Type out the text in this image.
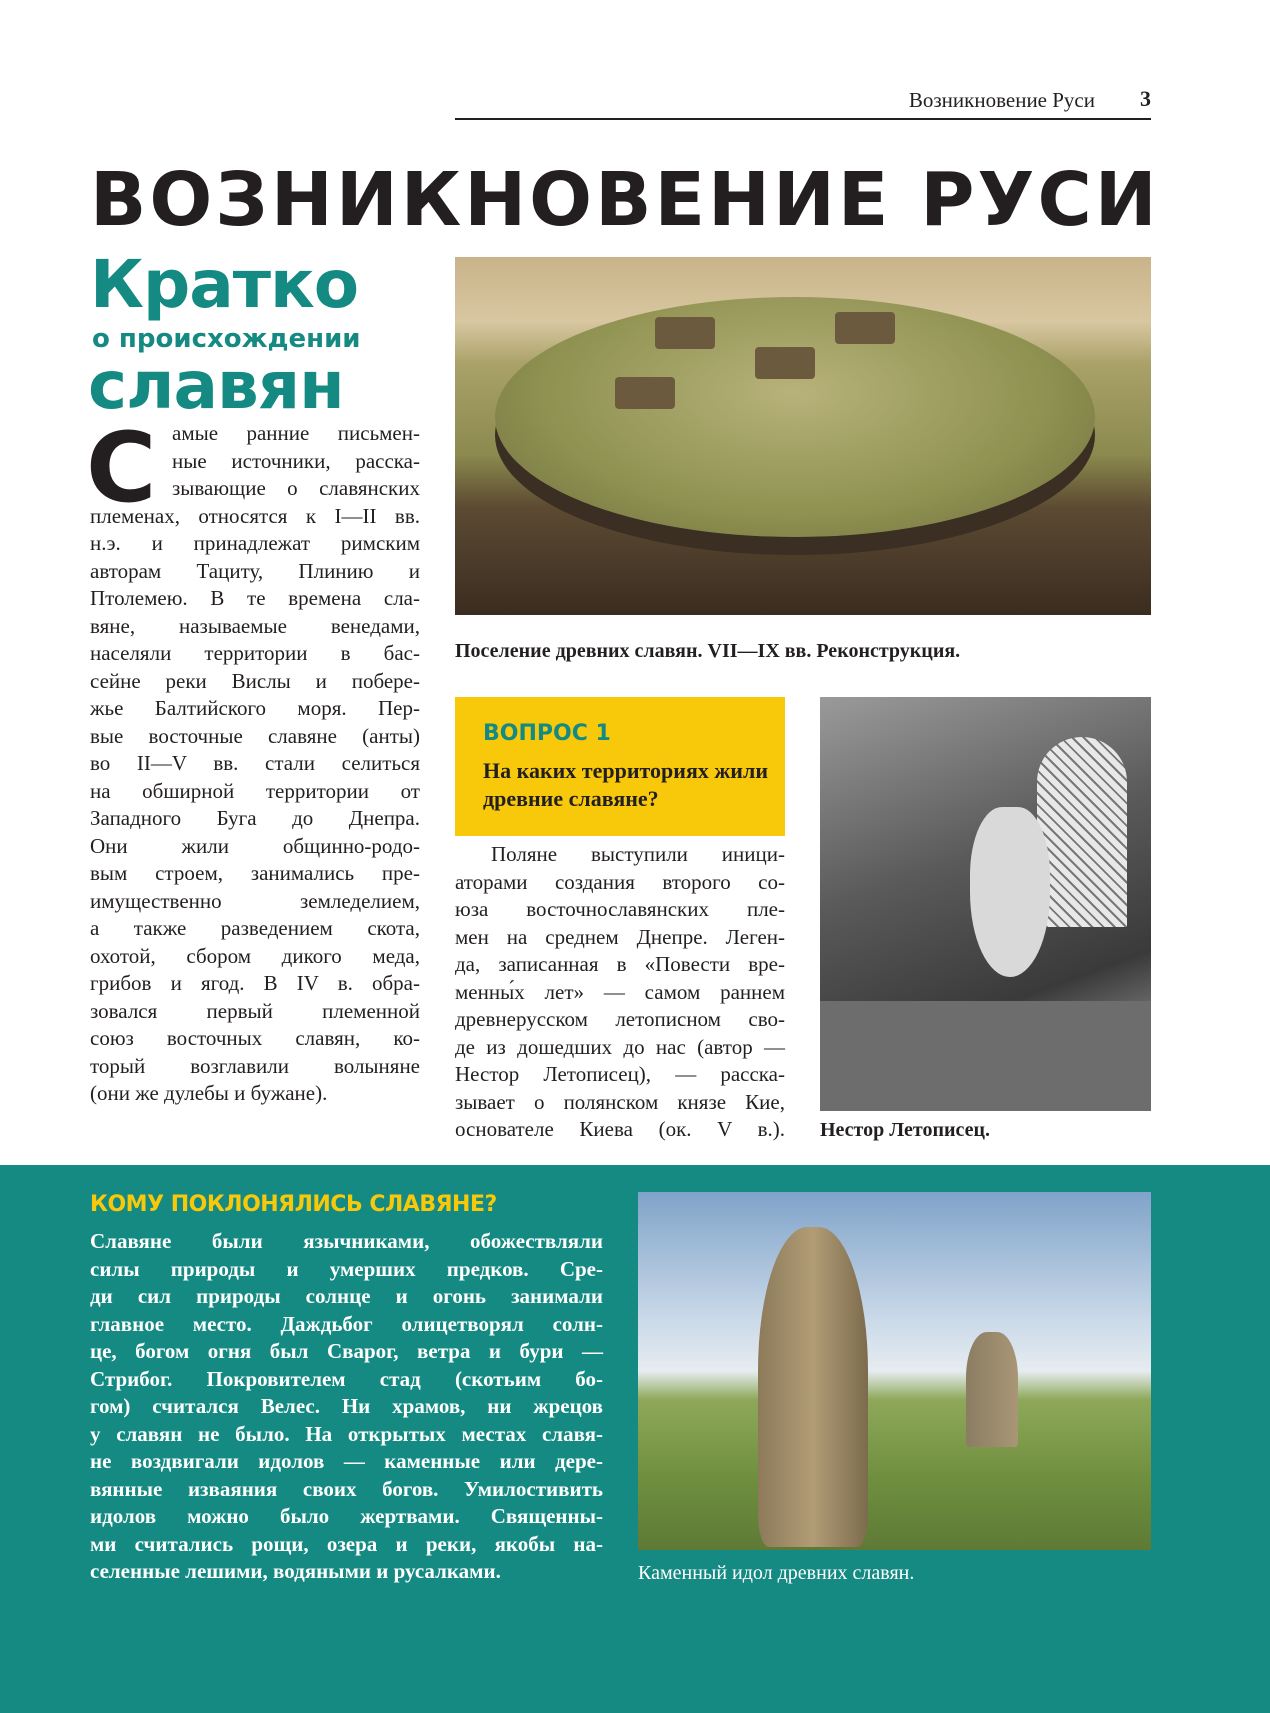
Возникновение Руси 3
ВОЗНИКНОВЕНИЕ РУСИ
Кратко
о происхождении
славян
С амые ранние письмен-
ные источники, расска-
зывающие о славянских
племенах, относятся к I—II вв.
н.э. и принадлежат римским
авторам Тациту, Плинию и
Птолемею. В те времена сла-
вяне, называемые венедами,
населяли территории в бас-
сейне реки Вислы и побере-
жье Балтийского моря. Пер-
вые восточные славяне (анты)
во II—V вв. стали селиться
на обширной территории от
Западного Буга до Днепра.
Они жили общинно-родо-
вым строем, занимались пре-
имущественно земледелием,
а также разведением скота,
охотой, сбором дикого меда,
грибов и ягод. В IV в. обра-
зовался первый племенной
союз восточных славян, ко-
торый возглавили волыняне
(они же дулебы и бужане).
Поселение древних славян. VII—IX вв. Реконструкция.
ВОПРОС 1
На каких территориях жили древние славяне?
Поляне выступили иници-
аторами создания второго со-
юза восточнославянских пле-
мен на среднем Днепре. Леген-
да, записанная в «Повести вре-
менны́х лет» — самом раннем
древнерусском летописном сво-
де из дошедших до нас (автор —
Нестор Летописец), — расска-
зывает о полянском князе Кие,
основателе Киева (ок. V в.). Нестор Летописец.
КОМУ ПОКЛОНЯЛИСЬ СЛАВЯНЕ?
Славяне были язычниками, обожествляли
силы природы и умерших предков. Сре-
ди сил природы солнце и огонь занимали
главное место. Даждьбог олицетворял солн-
це, богом огня был Сварог, ветра и бури —
Стрибог. Покровителем стад (скотьим бо-
гом) считался Велес. Ни храмов, ни жрецов
у славян не было. На открытых местах славя-
не воздвигали идолов — каменные или дере-
вянные изваяния своих богов. Умилостивить
идолов можно было жертвами. Священны-
ми считались рощи, озера и реки, якобы на-
селенные лешими, водяными и русалками.	Каменный идол древних славян.
